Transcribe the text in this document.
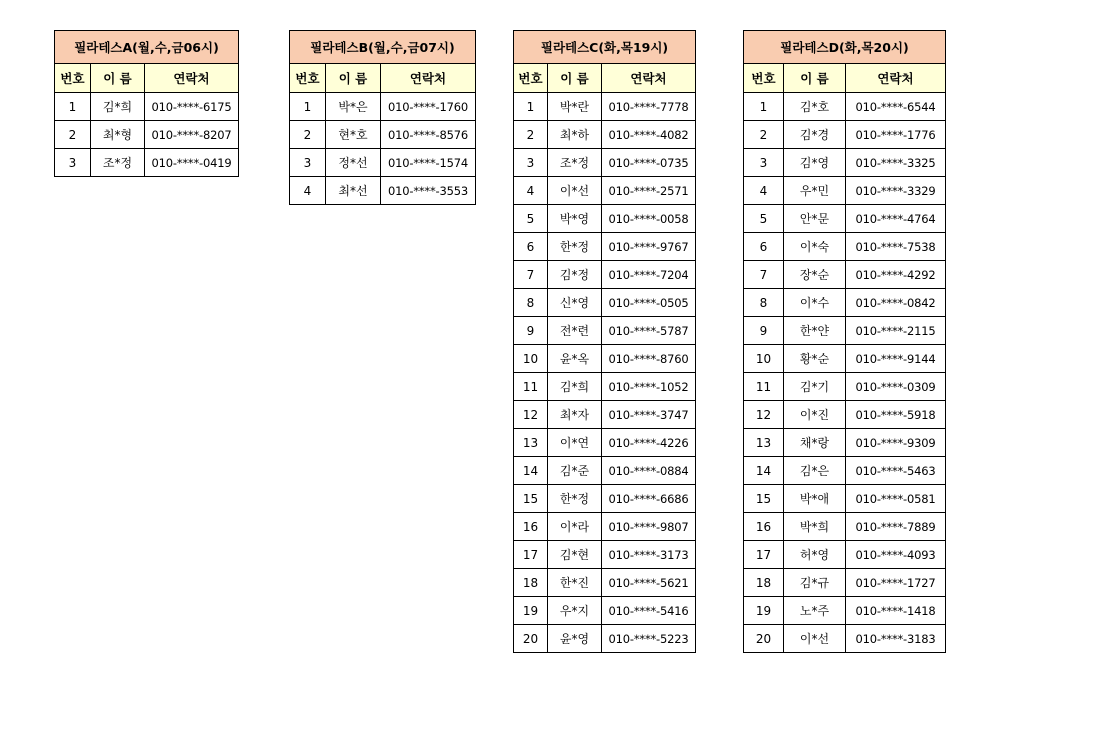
필라테스A(월,수,금06시)		
번호	이 름	연락처
1	김*희	010-****-6175
2	최*형	010-****-8207
3	조*정	010-****-0419
필라테스B(월,수,금07시)		
번호	이 름	연락처
1	박*은	010-****-1760
2	현*호	010-****-8576
3	정*선	010-****-1574
4	최*선	010-****-3553
필라테스C(화,목19시)		
번호	이 름	연락처
1	박*란	010-****-7778
2	최*하	010-****-4082
3	조*정	010-****-0735
4	이*선	010-****-2571
5	박*영	010-****-0058
6	한*정	010-****-9767
7	김*정	010-****-7204
8	신*영	010-****-0505
9	전*련	010-****-5787
10	윤*옥	010-****-8760
11	김*희	010-****-1052
12	최*자	010-****-3747
13	이*연	010-****-4226
14	김*준	010-****-0884
15	한*정	010-****-6686
16	이*라	010-****-9807
17	김*현	010-****-3173
18	한*진	010-****-5621
19	우*지	010-****-5416
20	윤*영	010-****-5223
필라테스D(화,목20시)		
번호	이 름	연락처
1	김*호	010-****-6544
2	김*경	010-****-1776
3	김*영	010-****-3325
4	우*민	010-****-3329
5	안*문	010-****-4764
6	이*숙	010-****-7538
7	장*순	010-****-4292
8	이*수	010-****-0842
9	한*얀	010-****-2115
10	황*순	010-****-9144
11	김*기	010-****-0309
12	이*진	010-****-5918
13	채*랑	010-****-9309
14	김*은	010-****-5463
15	박*애	010-****-0581
16	박*희	010-****-7889
17	허*영	010-****-4093
18	김*규	010-****-1727
19	노*주	010-****-1418
20	이*선	010-****-3183
